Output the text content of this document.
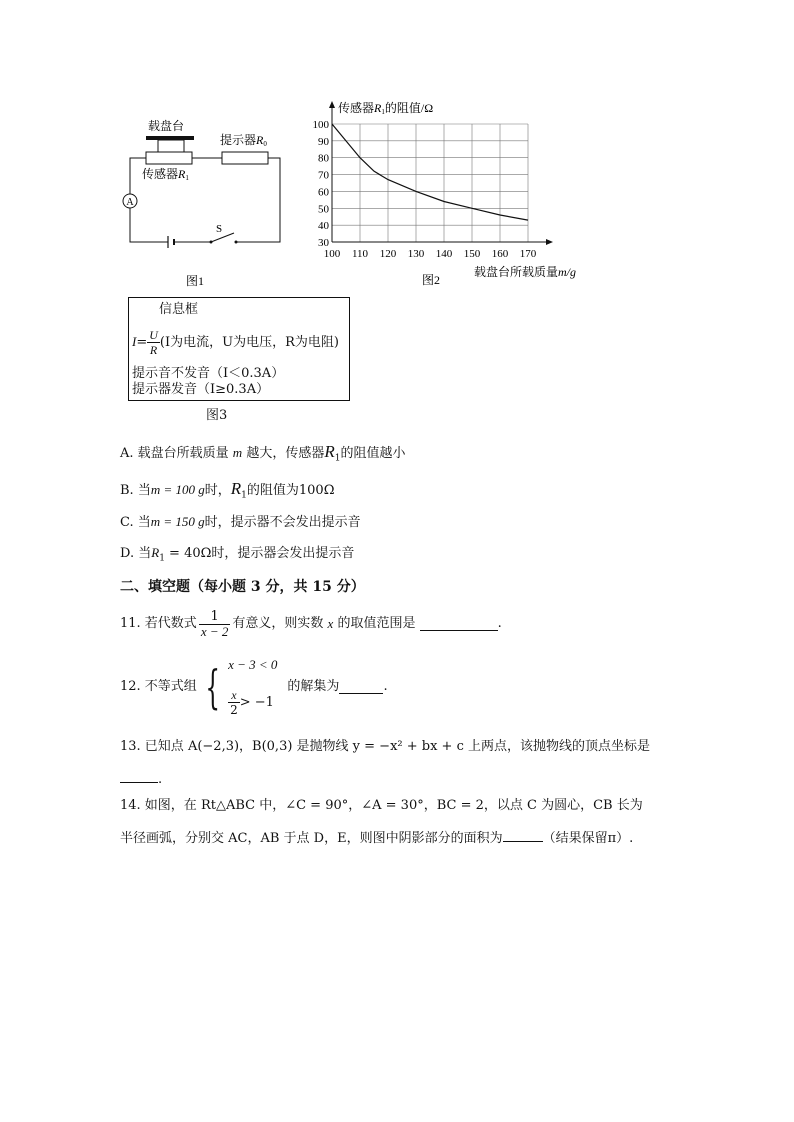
A
载盘台
提示器R0
传感器R1
S
图1
30
40
50
60
70
80
90
100
100 110 120 130 140 150 160 170
传感器R1的阻值/Ω
载盘台所载质量m/g
图2
信息框
$I= \frac{U}{R} (I$为电流，U为电压，R为电阻)
提示音不发音（I＜0.3A）
提示器发音（I≥0.3A）
图3
A. 载盘台所载质量 m 越大，传感器$R_1$的阻值越小
B. 当m = 100 g时，$R_1$的阻值为100Ω
C. 当m = 150 g时，提示器不会发出提示音
D. 当$R_1 = 40\Omega$时，提示器会发出提示音
二、填空题（每小题 3 分，共 15 分）
11. 若代数式 $\frac{1}{x - 2}$ 有意义，则实数
x
的取值范围是
	.
12. 不等式组 { x − 3 < 0
$\frac{x}{2} > -1$
的解集为	.
13. 已知点 A(−2,3)，B(0,3) 是抛物线 y = −x² + bx + c 上两点，该抛物线的顶点坐标是
.
14. 如图，在 Rt△ABC 中，∠C = 90°，∠A = 30°，BC = 2，以点 C 为圆心，CB 长为
半径画弧，分别交 AC，AB 于点 D，E，则图中阴影部分的面积为	（结果保留π）.
